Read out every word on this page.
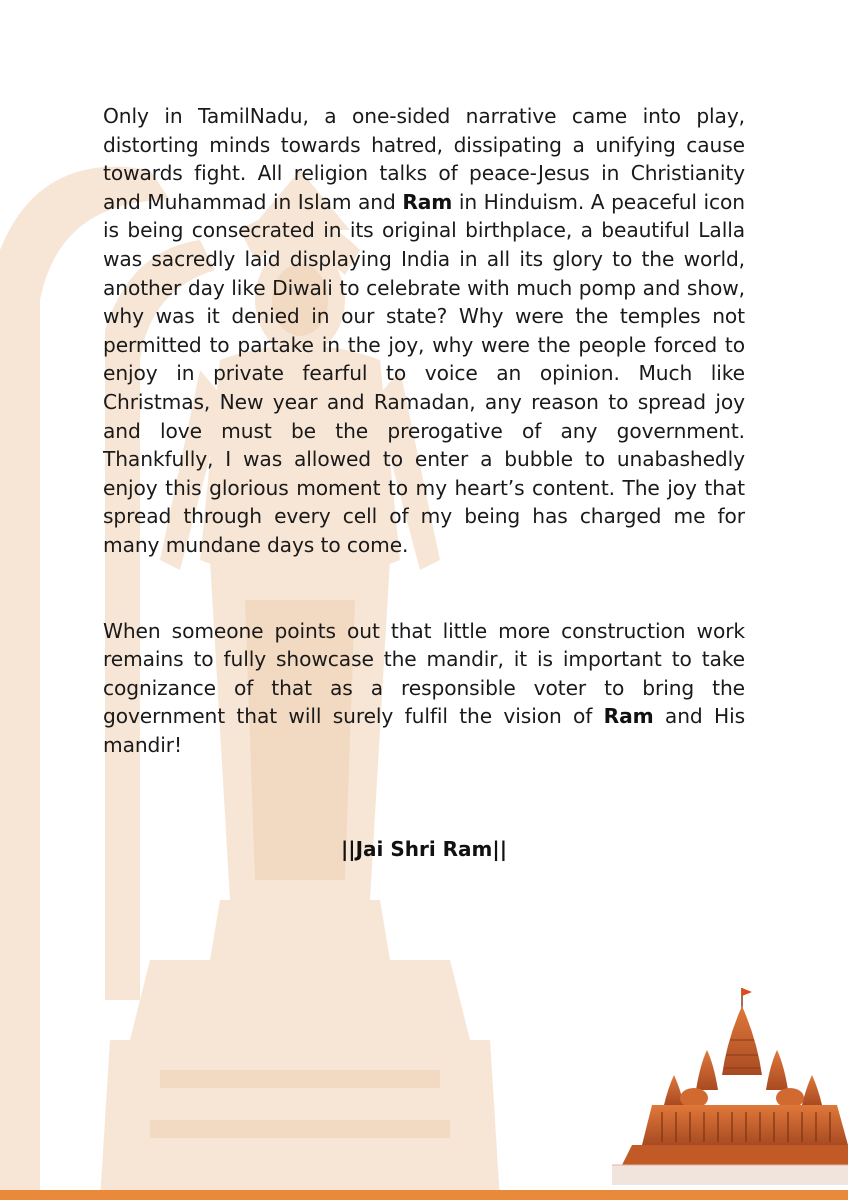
Only in TamilNadu, a one-sided narrative came into play, distorting minds towards hatred, dissipating a unifying cause towards fight. All religion talks of peace-Jesus in Christianity and Muhammad in Islam and Ram in Hinduism. A peaceful icon is being consecrated in its original birthplace, a beautiful Lalla was sacredly laid displaying India in all its glory to the world, another day like Diwali to celebrate with much pomp and show, why was it denied in our state? Why were the temples not permitted to partake in the joy, why were the people forced to enjoy in private fearful to voice an opinion. Much like Christmas, New year and Ramadan, any reason to spread joy and love must be the prerogative of any government. Thankfully, I was allowed to enter a bubble to unabashedly enjoy this glorious moment to my heart’s content. The joy that spread through every cell of my being has charged me for many mundane days to come.

When someone points out that little more construction work remains to fully showcase the mandir, it is important to take cognizance of that as a responsible voter to bring the government that will surely fulfil the vision of Ram and His mandir!

||Jai Shri Ram||
